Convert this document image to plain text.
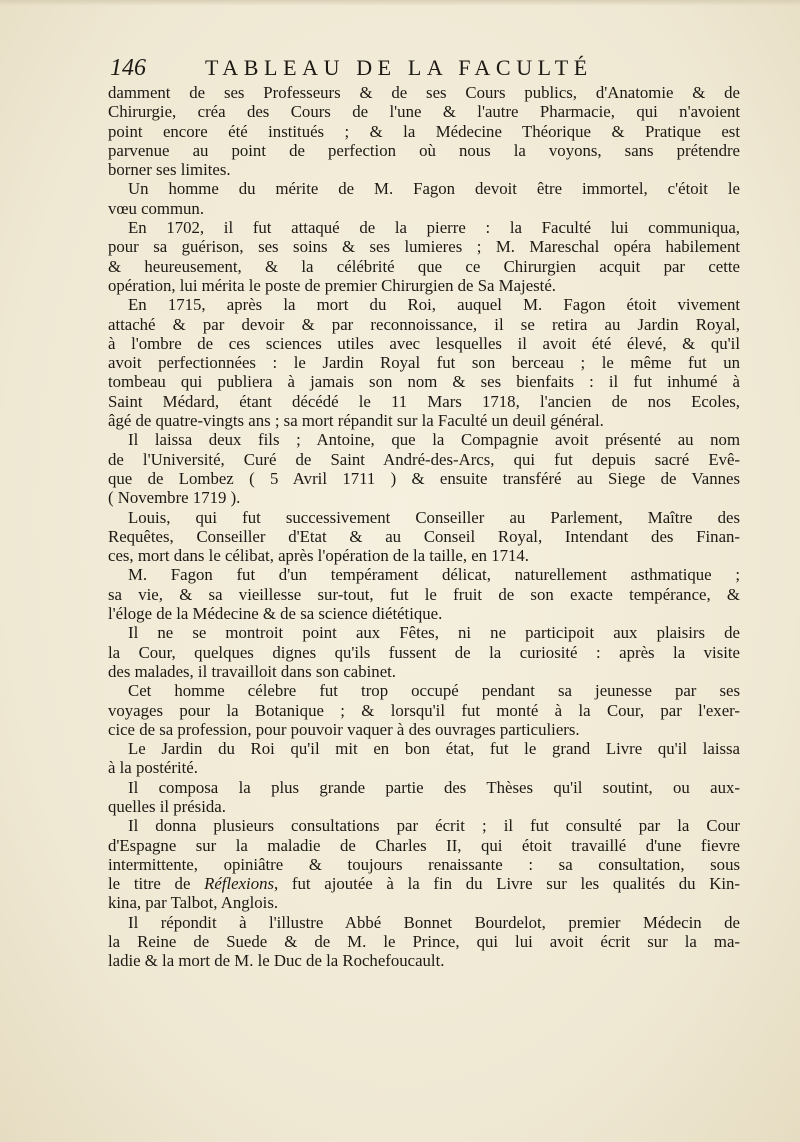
146	TABLEAU DE LA FACULTÉ
damment de ses Professeurs & de ses Cours publics, d'Anatomie & de
Chirurgie, créa des Cours de l'une & l'autre Pharmacie, qui n'avoient
point encore été institués ; & la Médecine Théorique & Pratique est
parvenue au point de perfection où nous la voyons, sans prétendre
borner ses limites.
Un homme du mérite de M. Fagon devoit être immortel, c'étoit le
vœu commun.
En 1702, il fut attaqué de la pierre : la Faculté lui communiqua,
pour sa guérison, ses soins & ses lumieres ; M. Mareschal opéra habilement
& heureusement, & la célébrité que ce Chirurgien acquit par cette
opération, lui mérita le poste de premier Chirurgien de Sa Majesté.
En 1715, après la mort du Roi, auquel M. Fagon étoit vivement
attaché & par devoir & par reconnoissance, il se retira au Jardin Royal,
à l'ombre de ces sciences utiles avec lesquelles il avoit été élevé, & qu'il
avoit perfectionnées : le Jardin Royal fut son berceau ; le même fut un
tombeau qui publiera à jamais son nom & ses bienfaits : il fut inhumé à
Saint Médard, étant décédé le 11 Mars 1718, l'ancien de nos Ecoles,
âgé de quatre-vingts ans ; sa mort répandit sur la Faculté un deuil général.
Il laissa deux fils ; Antoine, que la Compagnie avoit présenté au nom
de l'Université, Curé de Saint André-des-Arcs, qui fut depuis sacré Evê-
que de Lombez ( 5 Avril 1711 ) & ensuite transféré au Siege de Vannes
( Novembre 1719 ).
Louis, qui fut successivement Conseiller au Parlement, Maître des
Requêtes, Conseiller d'Etat & au Conseil Royal, Intendant des Finan-
ces, mort dans le célibat, après l'opération de la taille, en 1714.
M. Fagon fut d'un tempérament délicat, naturellement asthmatique ;
sa vie, & sa vieillesse sur-tout, fut le fruit de son exacte tempérance, &
l'éloge de la Médecine & de sa science diététique.
Il ne se montroit point aux Fêtes, ni ne participoit aux plaisirs de
la Cour, quelques dignes qu'ils fussent de la curiosité : après la visite
des malades, il travailloit dans son cabinet.
Cet homme célebre fut trop occupé pendant sa jeunesse par ses
voyages pour la Botanique ; & lorsqu'il fut monté à la Cour, par l'exer-
cice de sa profession, pour pouvoir vaquer à des ouvrages particuliers.
Le Jardin du Roi qu'il mit en bon état, fut le grand Livre qu'il laissa
à la postérité.
Il composa la plus grande partie des Thèses qu'il soutint, ou aux-
quelles il présida.
Il donna plusieurs consultations par écrit ; il fut consulté par la Cour
d'Espagne sur la maladie de Charles II, qui étoit travaillé d'une fievre
intermittente, opiniâtre & toujours renaissante : sa consultation, sous
le titre de Réflexions, fut ajoutée à la fin du Livre sur les qualités du Kin-
kina, par Talbot, Anglois.
Il répondit à l'illustre Abbé Bonnet Bourdelot, premier Médecin de
la Reine de Suede & de M. le Prince, qui lui avoit écrit sur la ma-
ladie & la mort de M. le Duc de la Rochefoucault.
